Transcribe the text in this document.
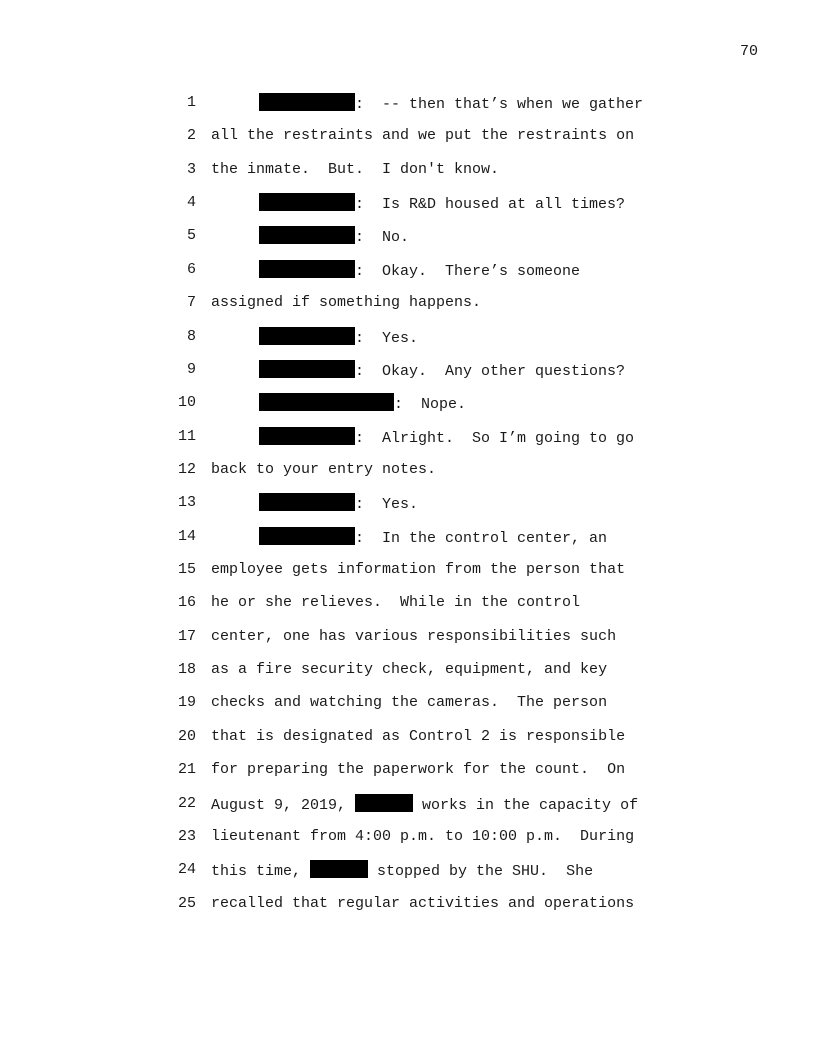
70
1	:  -- then that’s when we gather
2 all the restraints and we put the restraints on
3 the inmate.  But.  I don't know.
4	:  Is R&D housed at all times?
5	:  No.
6	:  Okay.  There’s someone
7 assigned if something happens.
8	:  Yes.
9	:  Okay.  Any other questions?
10	:  Nope.
11	:  Alright.  So I’m going to go
12 back to your entry notes.
13	:  Yes.
14	:  In the control center, an
15 employee gets information from the person that
16 he or she relieves.  While in the control
17 center, one has various responsibilities such
18 as a fire security check, equipment, and key
19 checks and watching the cameras.  The person
20 that is designated as Control 2 is responsible
21 for preparing the paperwork for the count.  On
22 August 9, 2019,	works in the capacity of
23 lieutenant from 4:00 p.m. to 10:00 p.m.  During
24 this time,	stopped by the SHU.  She
25 recalled that regular activities and operations
